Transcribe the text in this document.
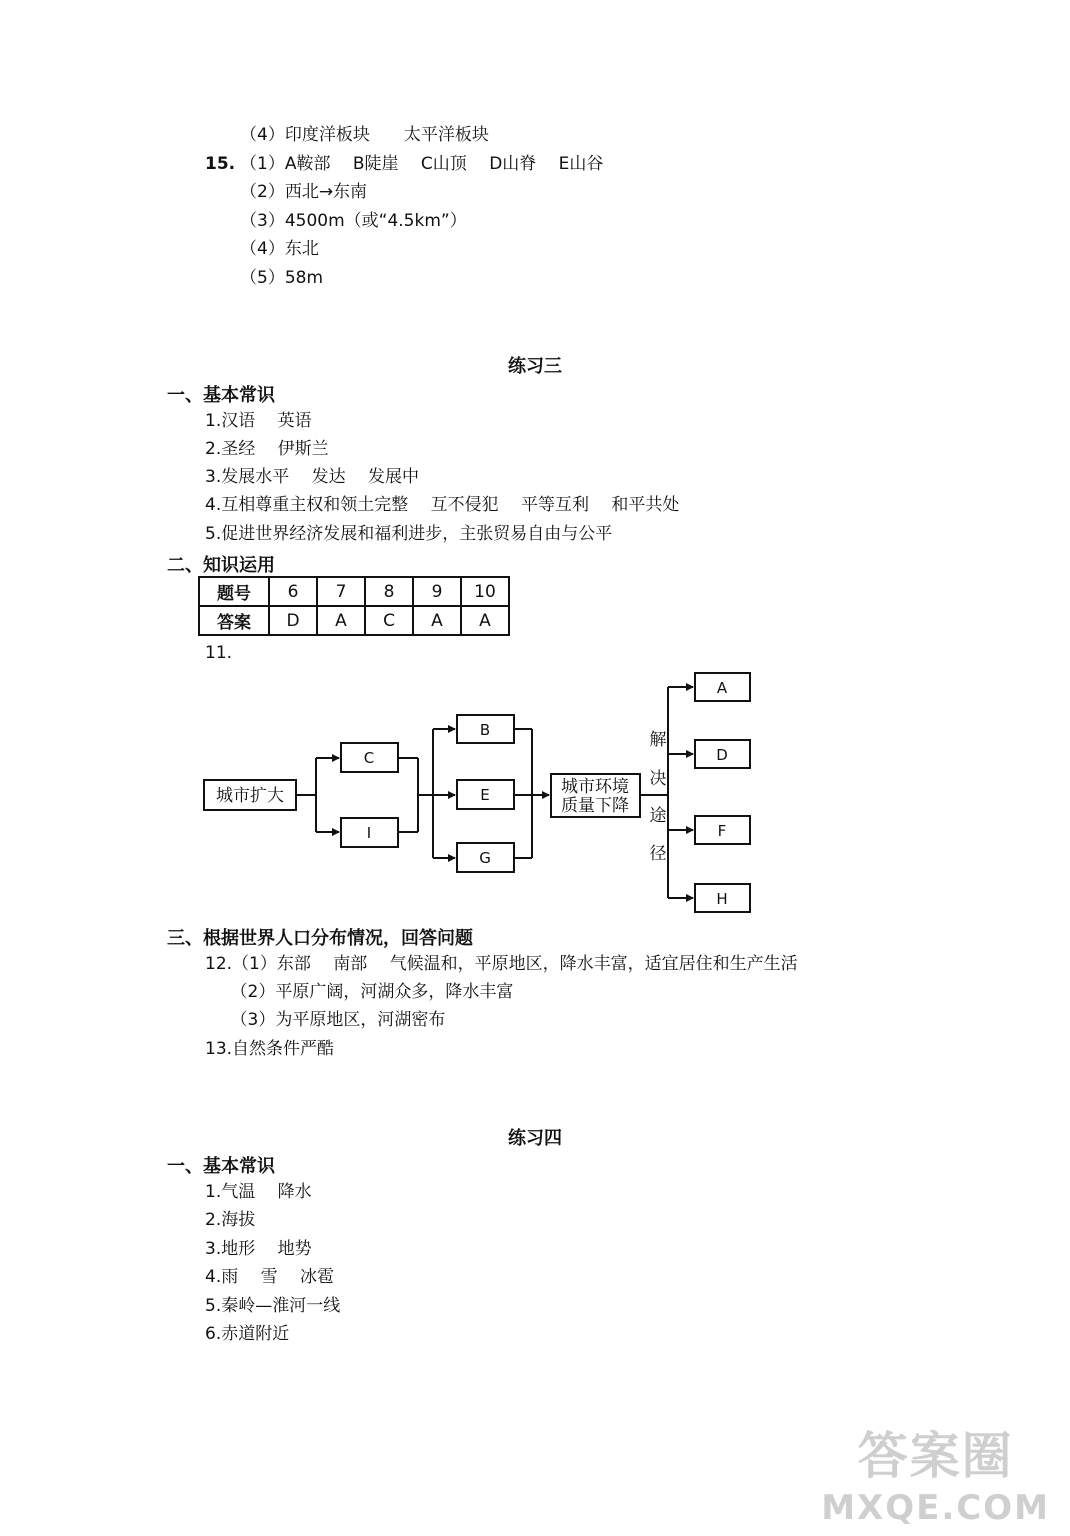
（4）印度洋板块　　太平洋板块
15. （1）A鞍部　 B陡崖　 C山顶　 D山脊　 E山谷
（2）西北→东南
（3）4500m（或“4.5km”）
（4）东北
（5）58m
练习三
一、基本常识
1.汉语　 英语
2.圣经　 伊斯兰
3.发展水平　 发达　 发展中
4.互相尊重主权和领土完整　 互不侵犯　 平等互利　 和平共处
5.促进世界经济发展和福利进步，主张贸易自由与公平
二、知识运用
题号	6	7	8	9	10
答案	D	A	C	A	A
11.
城市扩大
C
I
B
E
G
城市环境
质量下降
A
D
F
H
解
决
途
径
三、根据世界人口分布情况，回答问题
12.（1）东部　 南部　 气候温和，平原地区，降水丰富，适宜居住和生产生活
　　（2）平原广阔，河湖众多，降水丰富
　　（3）为平原地区，河湖密布
13.自然条件严酷
练习四
一、基本常识
1.气温　 降水
2.海拔
3.地形　 地势
4.雨　 雪　 冰雹
5.秦岭—淮河一线
6.赤道附近
答案圈
MXQE.COM
